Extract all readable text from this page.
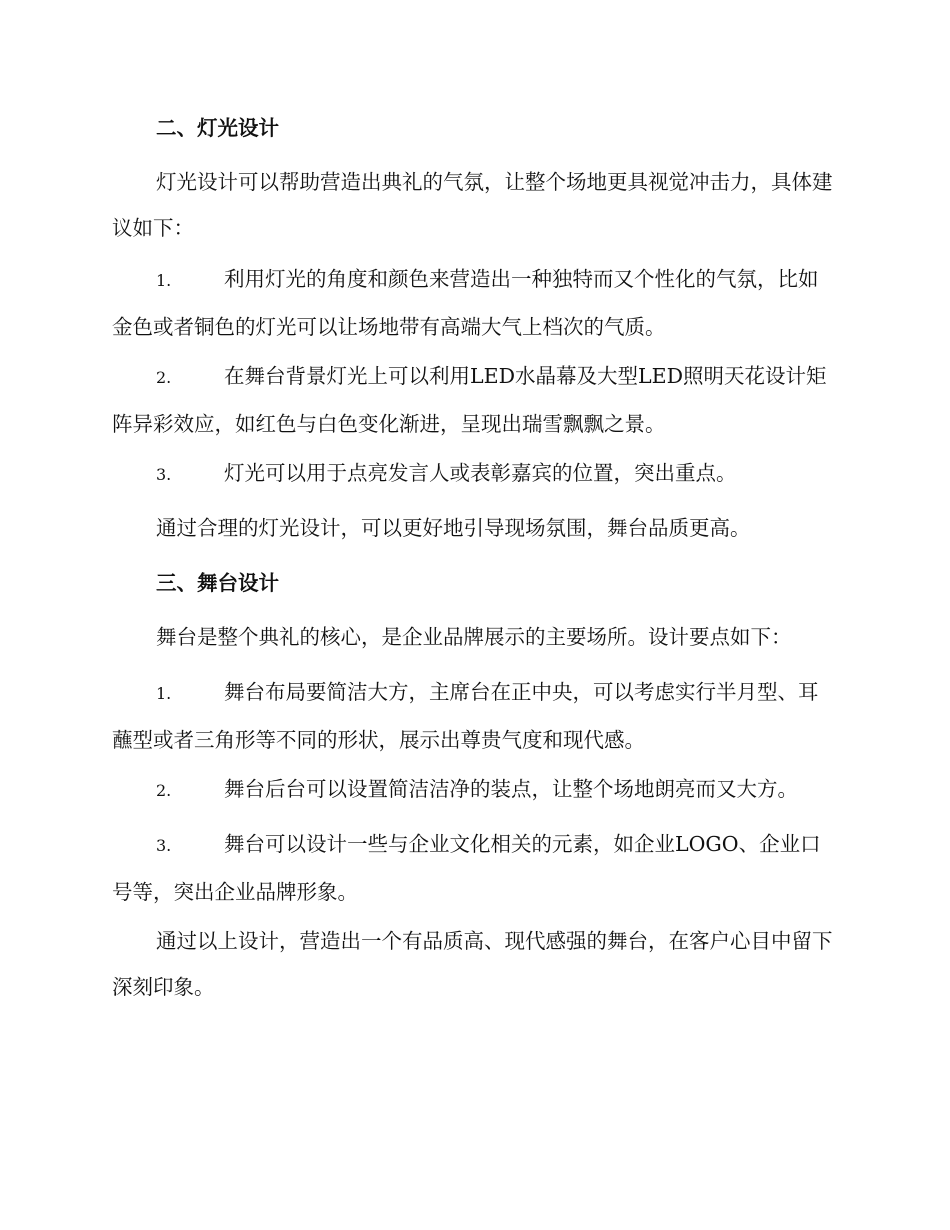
二、灯光设计

灯光设计可以帮助营造出典礼的气氛，让整个场地更具视觉冲击力，具体建议如下：

1.	利用灯光的角度和颜色来营造出一种独特而又个性化的气氛，比如金色或者铜色的灯光可以让场地带有高端大气上档次的气质。

2.	在舞台背景灯光上可以利用LED水晶幕及大型LED照明天花设计矩阵异彩效应，如红色与白色变化渐进，呈现出瑞雪飘飘之景。

3.	灯光可以用于点亮发言人或表彰嘉宾的位置，突出重点。

通过合理的灯光设计，可以更好地引导现场氛围，舞台品质更高。

三、舞台设计

舞台是整个典礼的核心，是企业品牌展示的主要场所。设计要点如下：

1.	舞台布局要简洁大方，主席台在正中央，可以考虑实行半月型、耳蘸型或者三角形等不同的形状，展示出尊贵气度和现代感。

2.	舞台后台可以设置简洁洁净的装点，让整个场地朗亮而又大方。

3.	舞台可以设计一些与企业文化相关的元素，如企业LOGO、企业口号等，突出企业品牌形象。

通过以上设计，营造出一个有品质高、现代感强的舞台，在客户心目中留下深刻印象。
